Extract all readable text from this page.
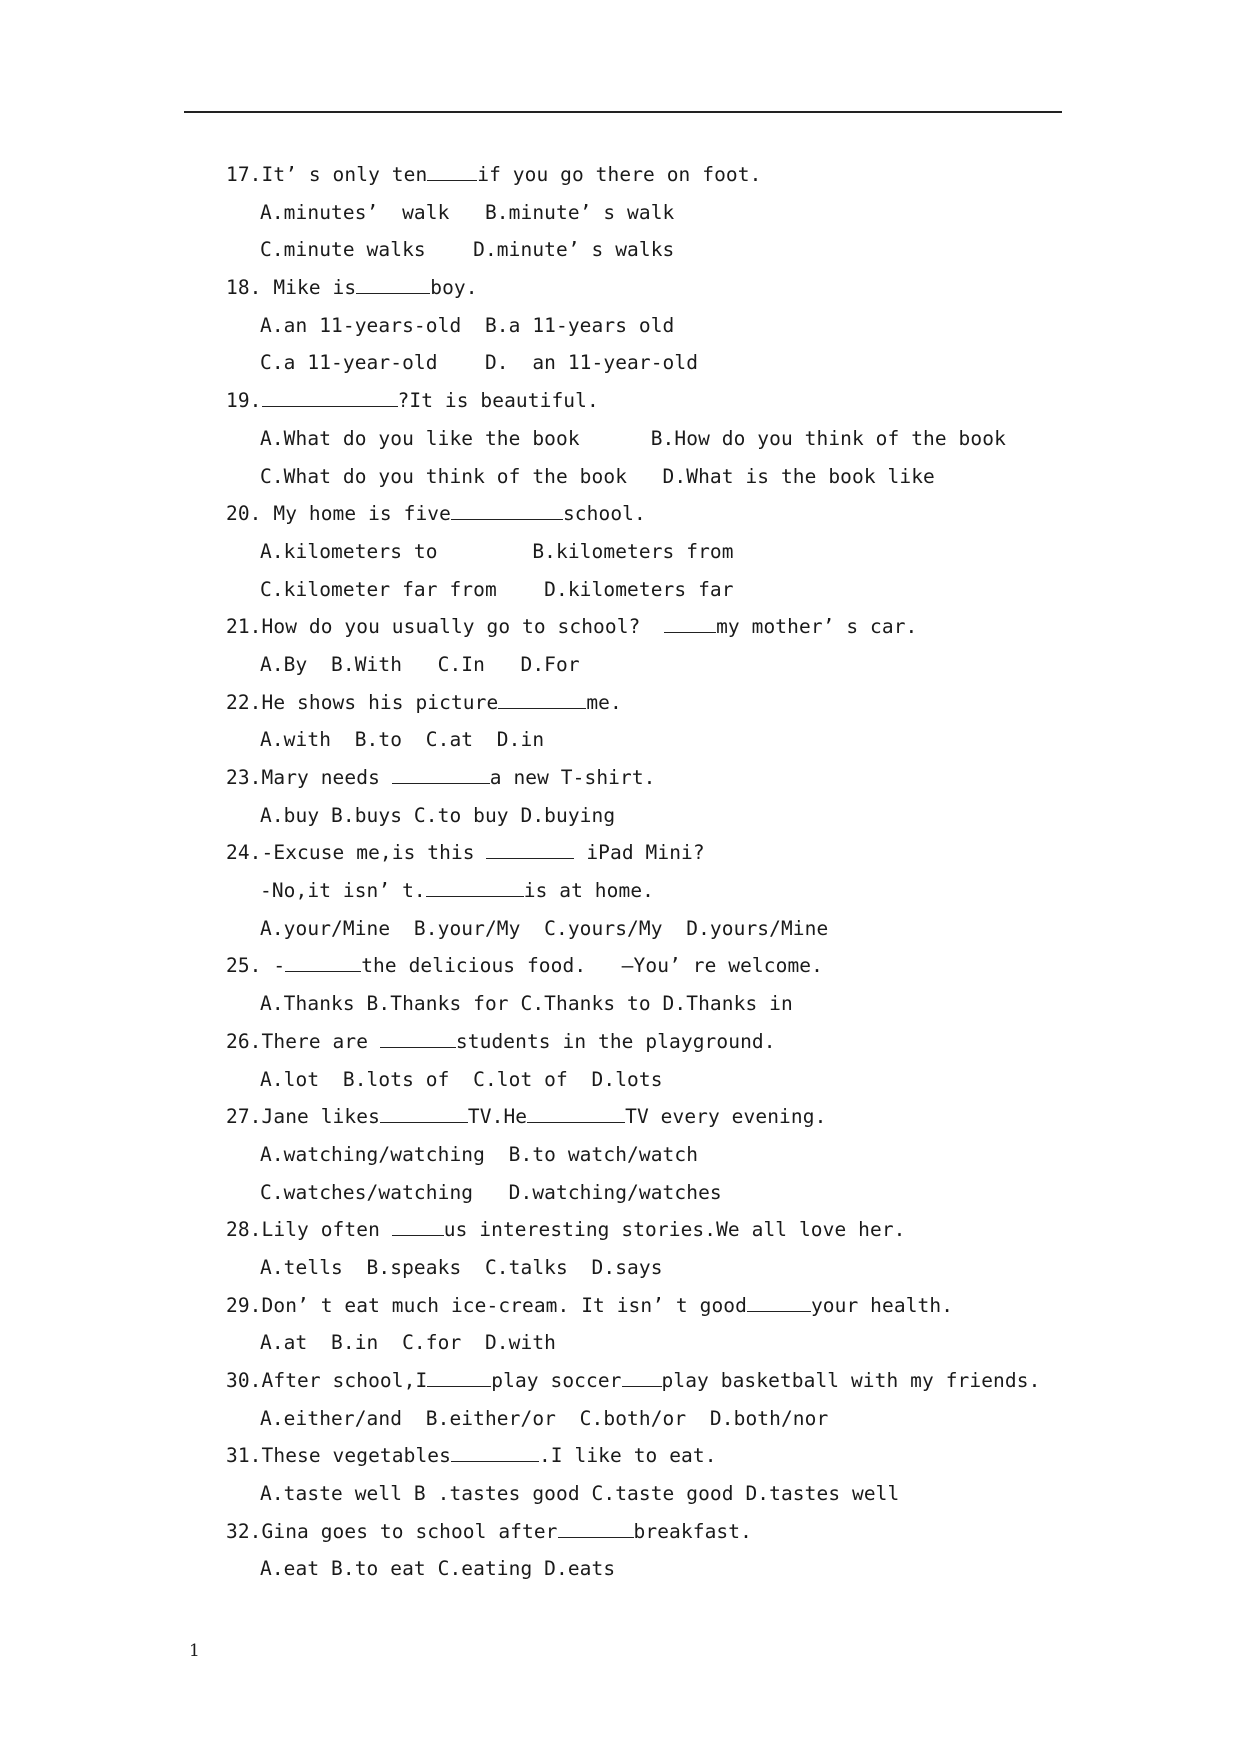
17.It’ s only ten	if you go there on foot.
A.minutes’  walk   B.minute’ s walk
C.minute walks    D.minute’ s walks
18. Mike is	boy.
A.an 11-years-old  B.a 11-years old
C.a 11-year-old    D.  an 11-year-old
19.	?It is beautiful.
A.What do you like the book      B.How do you think of the book
C.What do you think of the book   D.What is the book like
20. My home is five	school.
A.kilometers to        B.kilometers from
C.kilometer far from    D.kilometers far
21.How do you usually go to school?	my mother’ s car.
A.By  B.With   C.In   D.For
22.He shows his picture	me.
A.with  B.to  C.at  D.in
23.Mary needs	a new T-shirt.
A.buy B.buys C.to buy D.buying
24.-Excuse me,is this	iPad Mini?
-No,it isn’ t.	is at home.
A.your/Mine  B.your/My  C.yours/My  D.yours/Mine
25. -	the delicious food.   –You’ re welcome.
A.Thanks B.Thanks for C.Thanks to D.Thanks in
26.There are	students in the playground.
A.lot  B.lots of  C.lot of  D.lots
27.Jane likes	TV.He	TV every evening.
A.watching/watching  B.to watch/watch
C.watches/watching   D.watching/watches
28.Lily often	us interesting stories.We all love her.
A.tells  B.speaks  C.talks  D.says
29.Don’ t eat much ice-cream. It isn’ t good	your health.
A.at  B.in  C.for  D.with
30.After school,I	play soccer play basketball with my friends.
A.either/and  B.either/or  C.both/or  D.both/nor
31.These vegetables	.I like to eat.
A.taste well B .tastes good C.taste good D.tastes well
32.Gina goes to school after	breakfast.
A.eat B.to eat C.eating D.eats
1
